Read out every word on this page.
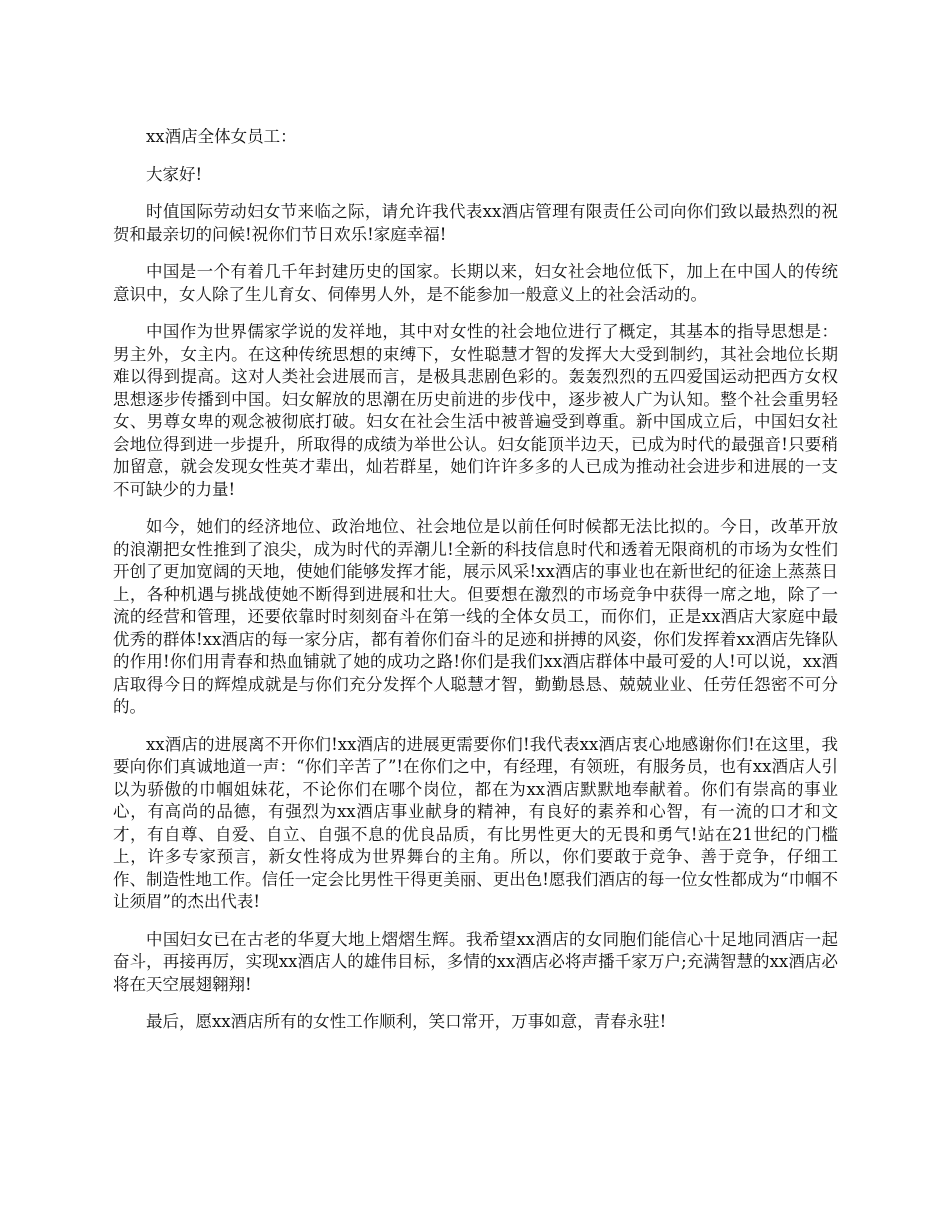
xx酒店全体女员工：

大家好!

时值国际劳动妇女节来临之际，请允许我代表xx酒店管理有限责任公司向你们致以最热烈的祝贺和最亲切的问候!祝你们节日欢乐!家庭幸福!

中国是一个有着几千年封建历史的国家。长期以来，妇女社会地位低下，加上在中国人的传统意识中，女人除了生儿育女、伺俸男人外，是不能参加一般意义上的社会活动的。

中国作为世界儒家学说的发祥地，其中对女性的社会地位进行了概定，其基本的指导思想是：男主外，女主内。在这种传统思想的束缚下，女性聪慧才智的发挥大大受到制约，其社会地位长期难以得到提高。这对人类社会进展而言，是极具悲剧色彩的。轰轰烈烈的五四爱国运动把西方女权思想逐步传播到中国。妇女解放的思潮在历史前进的步伐中，逐步被人广为认知。整个社会重男轻女、男尊女卑的观念被彻底打破。妇女在社会生活中被普遍受到尊重。新中国成立后，中国妇女社会地位得到进一步提升，所取得的成绩为举世公认。妇女能顶半边天，已成为时代的最强音!只要稍加留意，就会发现女性英才辈出，灿若群星，她们许许多多的人已成为推动社会进步和进展的一支不可缺少的力量!

如今，她们的经济地位、政治地位、社会地位是以前任何时候都无法比拟的。今日，改革开放的浪潮把女性推到了浪尖，成为时代的弄潮儿!全新的科技信息时代和透着无限商机的市场为女性们开创了更加宽阔的天地，使她们能够发挥才能，展示风采!xx酒店的事业也在新世纪的征途上蒸蒸日上，各种机遇与挑战使她不断得到进展和壮大。但要想在激烈的市场竞争中获得一席之地，除了一流的经营和管理，还要依靠时时刻刻奋斗在第一线的全体女员工，而你们，正是xx酒店大家庭中最优秀的群体!xx酒店的每一家分店，都有着你们奋斗的足迹和拼搏的风姿，你们发挥着xx酒店先锋队的作用!你们用青春和热血铺就了她的成功之路!你们是我们xx酒店群体中最可爱的人!可以说，xx酒店取得今日的辉煌成就是与你们充分发挥个人聪慧才智，勤勤恳恳、兢兢业业、任劳任怨密不可分的。

xx酒店的进展离不开你们!xx酒店的进展更需要你们!我代表xx酒店衷心地感谢你们!在这里，我要向你们真诚地道一声：“你们辛苦了”!在你们之中，有经理，有领班，有服务员，也有xx酒店人引以为骄傲的巾帼姐妹花，不论你们在哪个岗位，都在为xx酒店默默地奉献着。你们有崇高的事业心，有高尚的品德，有强烈为xx酒店事业献身的精神，有良好的素养和心智，有一流的口才和文才，有自尊、自爱、自立、自强不息的优良品质，有比男性更大的无畏和勇气!站在21世纪的门槛上，许多专家预言，新女性将成为世界舞台的主角。所以，你们要敢于竞争、善于竞争，仔细工作、制造性地工作。信任一定会比男性干得更美丽、更出色!愿我们酒店的每一位女性都成为“巾帼不让须眉”的杰出代表!

中国妇女已在古老的华夏大地上熠熠生辉。我希望xx酒店的女同胞们能信心十足地同酒店一起奋斗，再接再厉，实现xx酒店人的雄伟目标，多情的xx酒店必将声播千家万户;充满智慧的xx酒店必将在天空展翅翱翔!

最后，愿xx酒店所有的女性工作顺利，笑口常开，万事如意，青春永驻!
